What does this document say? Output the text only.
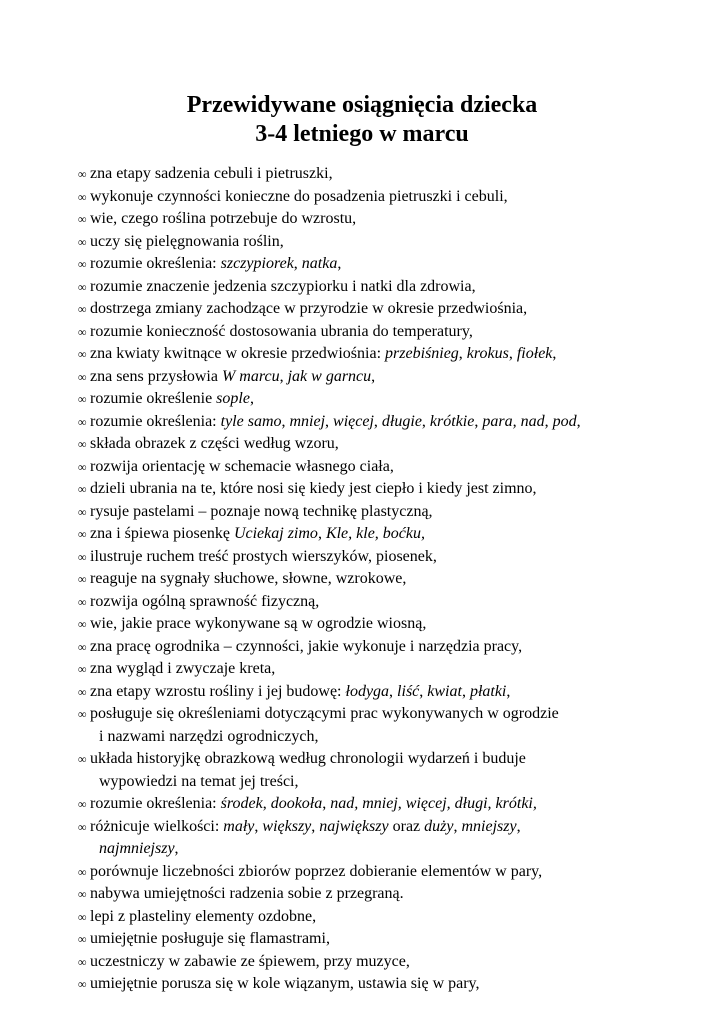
Przewidywane osiągnięcia dziecka
3-4 letniego w marcu
∞ zna etapy sadzenia cebuli i pietruszki,
∞ wykonuje czynności konieczne do posadzenia pietruszki i cebuli,
∞ wie, czego roślina potrzebuje do wzrostu,
∞ uczy się pielęgnowania roślin,
∞ rozumie określenia: szczypiorek, natka,
∞ rozumie znaczenie jedzenia szczypiorku i natki dla zdrowia,
∞ dostrzega zmiany zachodzące w przyrodzie w okresie przedwiośnia,
∞ rozumie konieczność dostosowania ubrania do temperatury,
∞ zna kwiaty kwitnące w okresie przedwiośnia: przebiśnieg, krokus, fiołek,
∞ zna sens przysłowia W marcu, jak w garncu,
∞ rozumie określenie sople,
∞ rozumie określenia: tyle samo, mniej, więcej, długie, krótkie, para, nad, pod,
∞ składa obrazek z części według wzoru,
∞ rozwija orientację w schemacie własnego ciała,
∞ dzieli ubrania na te, które nosi się kiedy jest ciepło i kiedy jest zimno,
∞ rysuje pastelami – poznaje nową technikę plastyczną,
∞ zna i śpiewa piosenkę Uciekaj zimo, Kle, kle, boćku,
∞ ilustruje ruchem treść prostych wierszyków, piosenek,
∞ reaguje na sygnały słuchowe, słowne, wzrokowe,
∞ rozwija ogólną sprawność fizyczną,
∞ wie, jakie prace wykonywane są w ogrodzie wiosną,
∞ zna pracę ogrodnika – czynności, jakie wykonuje i narzędzia pracy,
∞ zna wygląd i zwyczaje kreta,
∞ zna etapy wzrostu rośliny i jej budowę: łodyga, liść, kwiat, płatki,
∞ posługuje się określeniami dotyczącymi prac wykonywanych w ogrodzie
i nazwami narzędzi ogrodniczych,
∞ układa historyjkę obrazkową według chronologii wydarzeń i buduje
wypowiedzi na temat jej treści,
∞ rozumie określenia: środek, dookoła, nad, mniej, więcej, długi, krótki,
∞ różnicuje wielkości: mały, większy, największy oraz duży, mniejszy,
najmniejszy,
∞ porównuje liczebności zbiorów poprzez dobieranie elementów w pary,
∞ nabywa umiejętności radzenia sobie z przegraną.
∞ lepi z plasteliny elementy ozdobne,
∞ umiejętnie posługuje się flamastrami,
∞ uczestniczy w zabawie ze śpiewem, przy muzyce,
∞ umiejętnie porusza się w kole wiązanym, ustawia się w pary,
